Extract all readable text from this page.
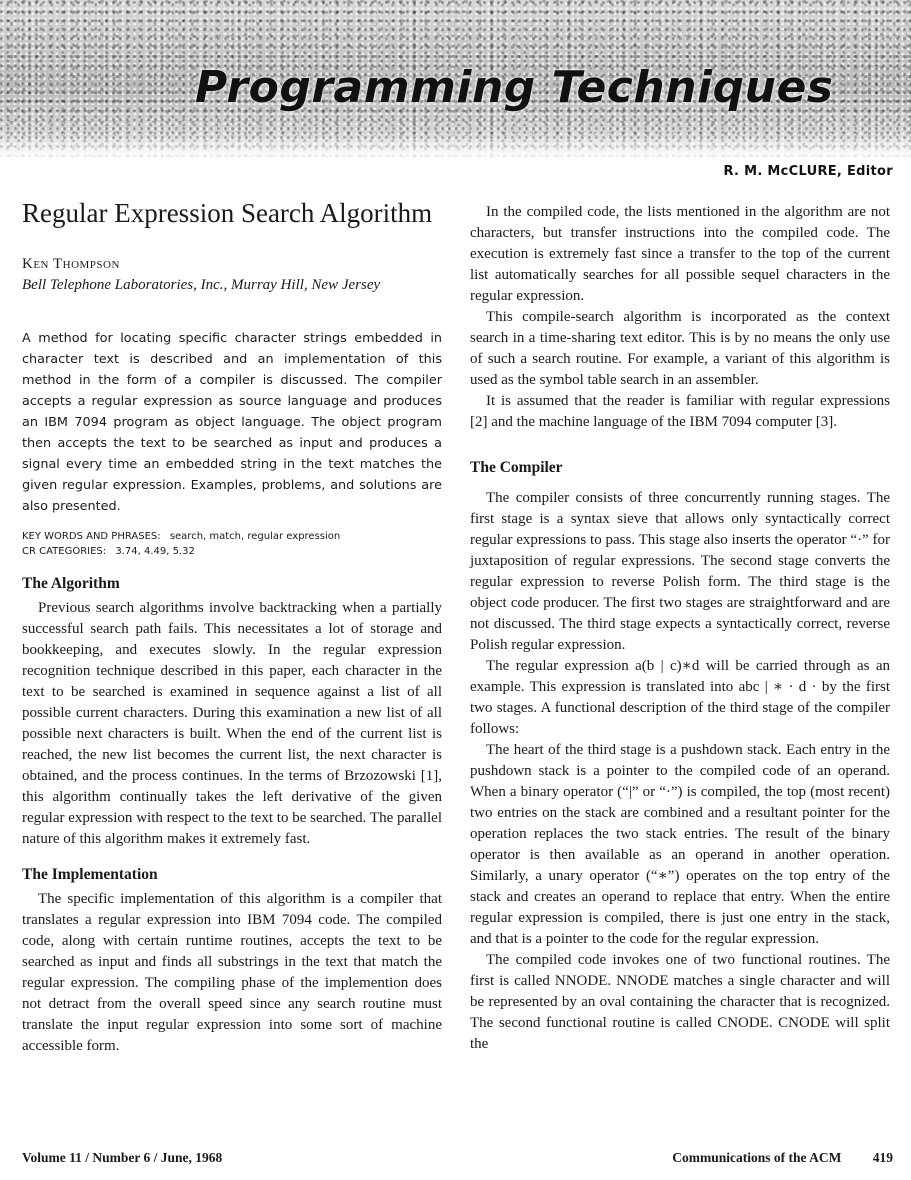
Programming Techniques
R. M. McCLURE, Editor
Regular Expression Search Algorithm

Ken Thompson

Bell Telephone Laboratories, Inc., Murray Hill, New Jersey

A method for locating specific character strings embedded in character text is described and an implementation of this method in the form of a compiler is discussed. The compiler accepts a regular expression as source language and produces an IBM 7094 program as object language. The object program then accepts the text to be searched as input and produces a signal every time an embedded string in the text matches the given regular expression. Examples, problems, and solutions are also presented.

KEY WORDS AND PHRASES: search, match, regular expression

CR CATEGORIES: 3.74, 4.49, 5.32

The Algorithm

Previous search algorithms involve backtracking when a partially successful search path fails. This necessitates a lot of storage and bookkeeping, and executes slowly. In the regular expression recognition technique described in this paper, each character in the text to be searched is examined in sequence against a list of all possible current characters. During this examination a new list of all possible next characters is built. When the end of the current list is reached, the new list becomes the current list, the next character is obtained, and the process continues. In the terms of Brzozowski [1], this algorithm continually takes the left derivative of the given regular expression with respect to the text to be searched. The parallel nature of this algorithm makes it extremely fast.

The Implementation

The specific implementation of this algorithm is a compiler that translates a regular expression into IBM 7094 code. The compiled code, along with certain runtime routines, accepts the text to be searched as input and finds all substrings in the text that match the regular expression. The compiling phase of the implemention does not detract from the overall speed since any search routine must translate the input regular expression into some sort of machine accessible form.

In the compiled code, the lists mentioned in the algorithm are not characters, but transfer instructions into the compiled code. The execution is extremely fast since a transfer to the top of the current list automatically searches for all possible sequel characters in the regular expression.

This compile-search algorithm is incorporated as the context search in a time-sharing text editor. This is by no means the only use of such a search routine. For example, a variant of this algorithm is used as the symbol table search in an assembler.

It is assumed that the reader is familiar with regular expressions [2] and the machine language of the IBM 7094 computer [3].

The Compiler

The compiler consists of three concurrently running stages. The first stage is a syntax sieve that allows only syntactically correct regular expressions to pass. This stage also inserts the operator “·” for juxtaposition of regular expressions. The second stage converts the regular expression to reverse Polish form. The third stage is the object code producer. The first two stages are straightforward and are not discussed. The third stage expects a syntactically correct, reverse Polish regular expression.

The regular expression a(b | c)∗d will be carried through as an example. This expression is translated into abc | ∗ · d · by the first two stages. A functional description of the third stage of the compiler follows:

The heart of the third stage is a pushdown stack. Each entry in the pushdown stack is a pointer to the compiled code of an operand. When a binary operator (“|” or “·”) is compiled, the top (most recent) two entries on the stack are combined and a resultant pointer for the operation replaces the two stack entries. The result of the binary operator is then available as an operand in another operation. Similarly, a unary operator (“∗”) operates on the top entry of the stack and creates an operand to replace that entry. When the entire regular expression is compiled, there is just one entry in the stack, and that is a pointer to the code for the regular expression.

The compiled code invokes one of two functional routines. The first is called NNODE. NNODE matches a single character and will be represented by an oval containing the character that is recognized. The second functional routine is called CNODE. CNODE will split the

Volume 11 / Number 6 / June, 1968	Communications of the ACM 419
